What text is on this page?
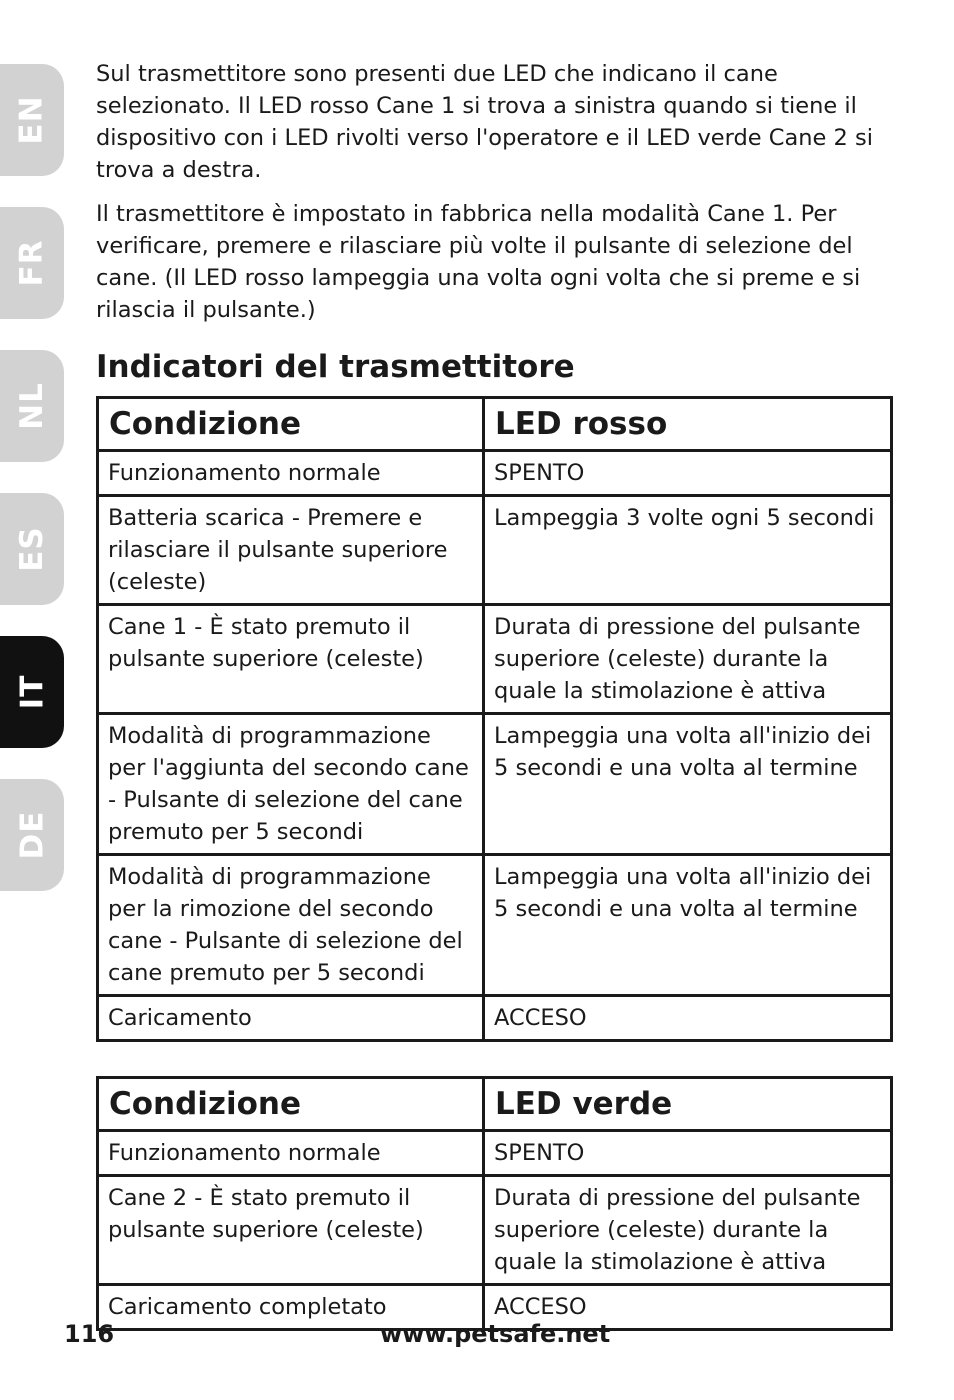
EN
FR
NL
ES
IT
DE

Sul trasmettitore sono presenti due LED che indicano il cane selezionato. Il LED rosso Cane 1 si trova a sinistra quando si tiene il dispositivo con i LED rivolti verso l'operatore e il LED verde Cane 2 si trova a destra.

Il trasmettitore è impostato in fabbrica nella modalità Cane 1. Per verificare, premere e rilasciare più volte il pulsante di selezione del cane. (Il LED rosso lampeggia una volta ogni volta che si preme e si rilascia il pulsante.)

Indicatori del trasmettitore
Condizione	LED rosso
Funzionamento normale	SPENTO
Batteria scarica - Premere e rilasciare il pulsante superiore (celeste)	Lampeggia 3 volte ogni 5 secondi
Cane 1 - È stato premuto il pulsante superiore (celeste)	Durata di pressione del pulsante superiore (celeste) durante la quale la stimolazione è attiva
Modalità di programmazione per l'aggiunta del secondo cane - Pulsante di selezione del cane premuto per 5 secondi	Lampeggia una volta all'inizio dei 5 secondi e una volta al termine
Modalità di programmazione per la rimozione del secondo cane - Pulsante di selezione del cane premuto per 5 secondi	Lampeggia una volta all'inizio dei 5 secondi e una volta al termine
Caricamento	ACCESO
Condizione	LED verde
Funzionamento normale	SPENTO
Cane 2 - È stato premuto il pulsante superiore (celeste)	Durata di pressione del pulsante superiore (celeste) durante la quale la stimolazione è attiva
Caricamento completato	ACCESO
116	www.petsafe.net
